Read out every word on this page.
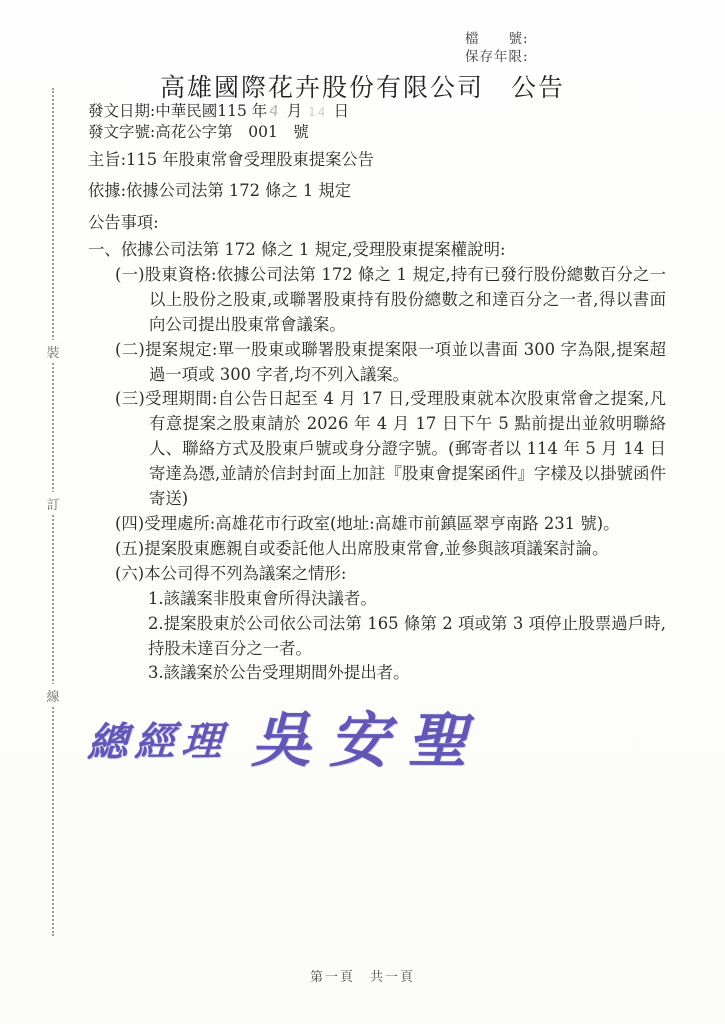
檔　　號:
保存年限:
高雄國際花卉股份有限公司　公告
發文日期:中華民國115 年4 月 14 日
發文字號:高花公字第　001　號
主旨:115 年股東常會受理股東提案公告
依據:依據公司法第 172 條之 1 規定
公告事項:

一、依據公司法第 172 條之 1 規定,受理股東提案權說明:

(一)股東資格:依據公司法第 172 條之 1 規定,持有已發行股份總數百分之一以上股份之股東,或聯署股東持有股份總數之和達百分之一者,得以書面向公司提出股東常會議案。
(二)提案規定:單一股東或聯署股東提案限一項並以書面 300 字為限,提案超過一項或 300 字者,均不列入議案。
(三)受理期間:自公告日起至 4 月 17 日,受理股東就本次股東常會之提案,凡有意提案之股東請於 2026 年 4 月 17 日下午 5 點前提出並敘明聯絡人、聯絡方式及股東戶號或身分證字號。(郵寄者以 114 年 5 月 14 日寄達為憑,並請於信封封面上加註『股東會提案函件』字樣及以掛號函件寄送)
(四)受理處所:高雄花市行政室(地址:高雄市前鎮區翠亨南路 231 號)。
(五)提案股東應親自或委託他人出席股東常會,並參與該項議案討論。
(六)本公司得不列為議案之情形:
1.該議案非股東會所得決議者。
2.提案股東於公司依公司法第 165 條第 2 項或第 3 項停止股票過戶時,持股未達百分之一者。
3.該議案於公告受理期間外提出者。
總經理 吳安聖
裝
訂
線
第一頁　共一頁
